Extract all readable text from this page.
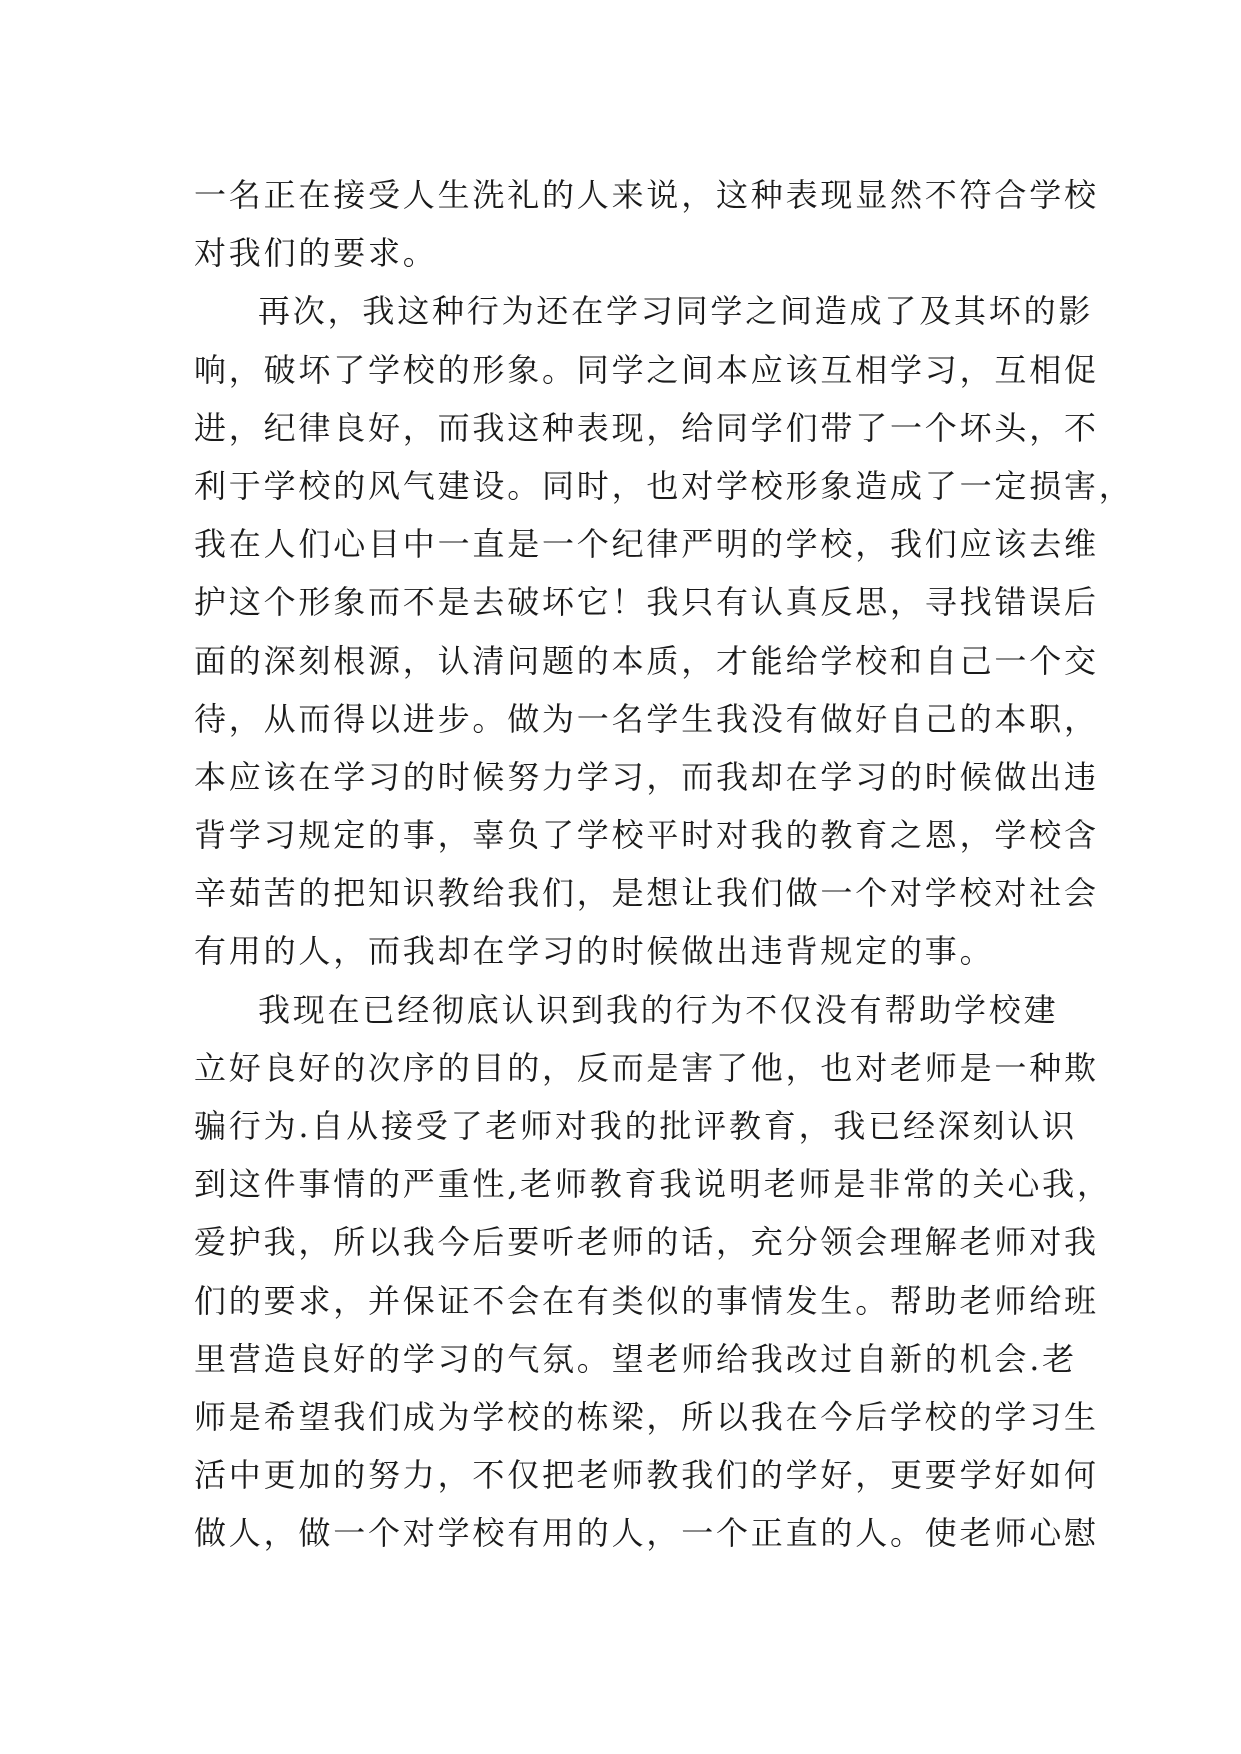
一名正在接受人生洗礼的人来说，这种表现显然不符合学校
对我们的要求。
再次，我这种行为还在学习同学之间造成了及其坏的影
响，破坏了学校的形象。同学之间本应该互相学习，互相促
进，纪律良好，而我这种表现，给同学们带了一个坏头，不
利于学校的风气建设。同时，也对学校形象造成了一定损害，
我在人们心目中一直是一个纪律严明的学校，我们应该去维
护这个形象而不是去破坏它！我只有认真反思，寻找错误后
面的深刻根源，认清问题的本质，才能给学校和自己一个交
待，从而得以进步。做为一名学生我没有做好自己的本职，
本应该在学习的时候努力学习，而我却在学习的时候做出违
背学习规定的事，辜负了学校平时对我的教育之恩，学校含
辛茹苦的把知识教给我们，是想让我们做一个对学校对社会
有用的人，而我却在学习的时候做出违背规定的事。
我现在已经彻底认识到我的行为不仅没有帮助学校建
立好良好的次序的目的，反而是害了他，也对老师是一种欺
骗行为.自从接受了老师对我的批评教育，我已经深刻认识
到这件事情的严重性,老师教育我说明老师是非常的关心我，
爱护我，所以我今后要听老师的话，充分领会理解老师对我
们的要求，并保证不会在有类似的事情发生。帮助老师给班
里营造良好的学习的气氛。望老师给我改过自新的机会.老
师是希望我们成为学校的栋梁，所以我在今后学校的学习生
活中更加的努力，不仅把老师教我们的学好，更要学好如何
做人，做一个对学校有用的人，一个正直的人。使老师心慰
